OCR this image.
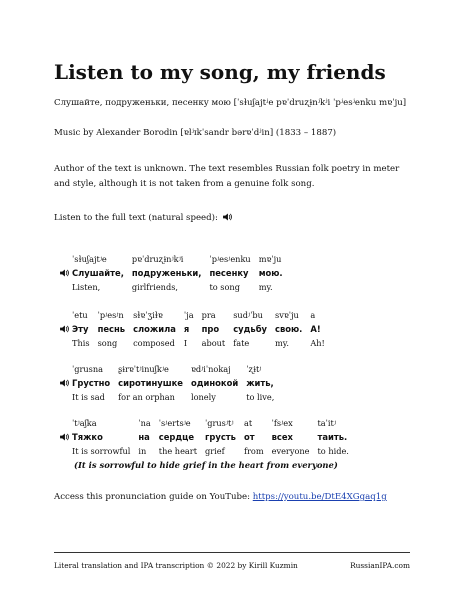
Listen to my song, my friends
Слушайте, подруженьки, песенку мою [ˈsɫuʃajtʲe pɐˈdruʐɨnʲkʲi ˈpʲesʲenku mɐˈju]
Music by Alexander Borodin [ɐlʲɪkˈsandr bərɐˈdʲin] (1833 – 1887)
Author of the text is unknown. The text resembles Russian folk poetry in meter and style, although it is not taken from a genuine folk song.
Listen to the full text (natural speed):
	ˈsɫuʃajtʲe	pɐˈdruʐɨnʲkʲi	ˈpʲesʲenku	mɐˈju

	Слушайте,	подруженьки,	песенку	мою.
	Listen,	girlfriends,	to song	my.
	ˈetu	ˈpʲesʲn	sɫɐˈʒiɫɐ	ˈja	pra	sudʲˈbu	svɐˈju	a

	Эту	песнь	сложила	я	про	судьбу	свою.	А!
	This	song	composed	I	about	fate	my.	Ah!
	ˈgrusna	ʂɨrɐˈtʲinuʃkʲe	ɐdʲiˈnokaj	ˈʐɨtʲ

	Грустно	сиротинушке	одинокой	жить,
	It is sad	for an orphan	lonely	to live,
	ˈtʲaʃka	ˈna	ˈsʲertsʲe	ˈgrusʲtʲ	at	ˈfsʲex	taˈitʲ

	Тяжко	на	сердце	грусть	от	всех	таить.
	It is sorrowful	in	the heart	grief	from	everyone	to hide.
(It is sorrowful to hide grief in the heart from everyone)
Access this pronunciation guide on YouTube: https://youtu.be/DtE4XGgaq1g
Literal translation and IPA transcription © 2022 by Kirill Kuzmin	RussianIPA.com
